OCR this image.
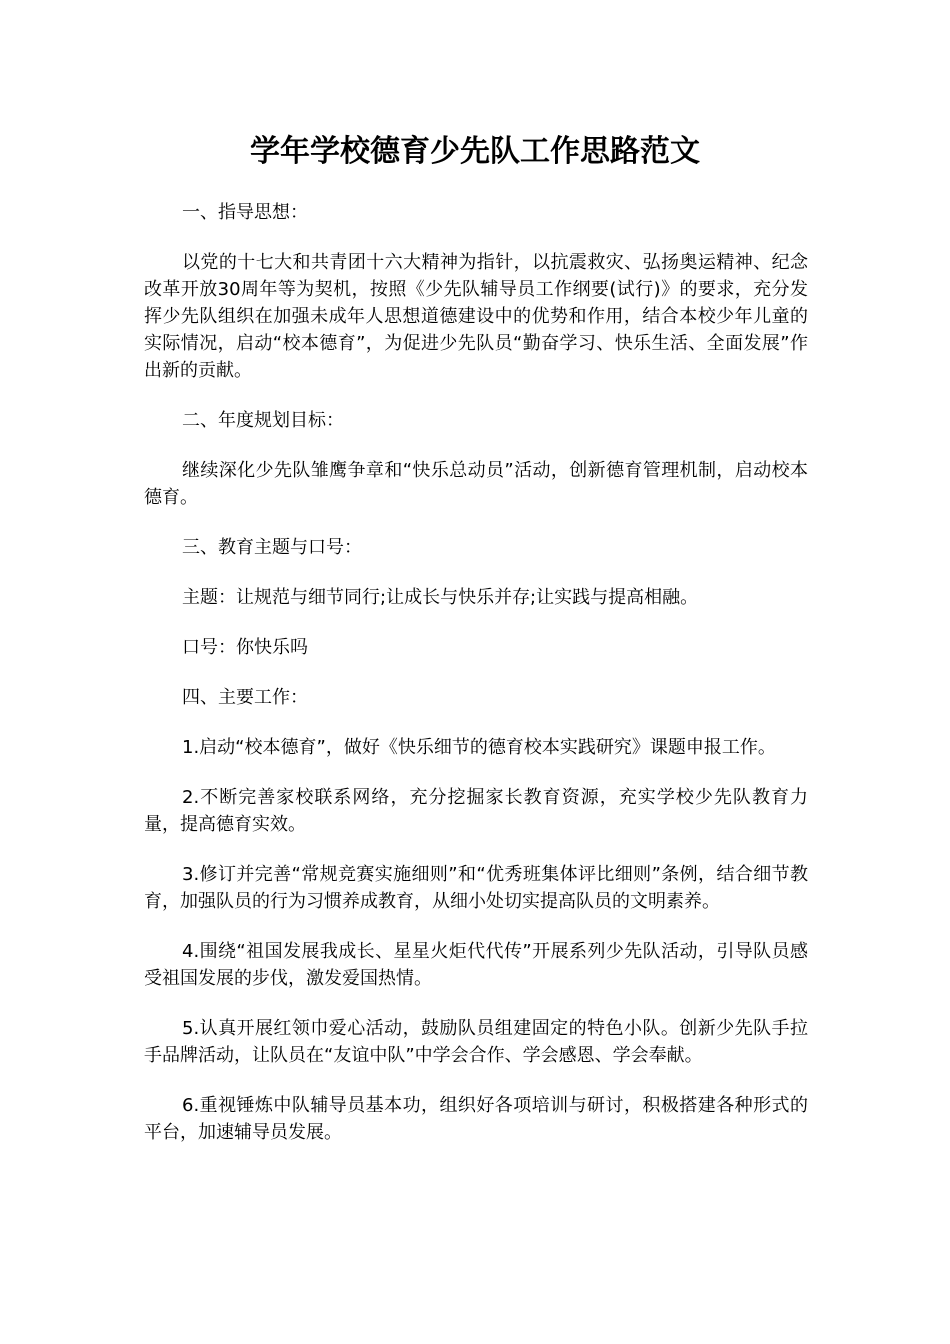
学年学校德育少先队工作思路范文

一、指导思想：

以党的十七大和共青团十六大精神为指针，以抗震救灾、弘扬奥运精神、纪念改革开放30周年等为契机，按照《少先队辅导员工作纲要(试行)》的要求，充分发挥少先队组织在加强未成年人思想道德建设中的优势和作用，结合本校少年儿童的实际情况，启动“校本德育”，为促进少先队员“勤奋学习、快乐生活、全面发展”作出新的贡献。

二、年度规划目标：

继续深化少先队雏鹰争章和“快乐总动员”活动，创新德育管理机制，启动校本德育。

三、教育主题与口号：

主题：让规范与细节同行;让成长与快乐并存;让实践与提高相融。

口号：你快乐吗

四、主要工作：

1.启动“校本德育”，做好《快乐细节的德育校本实践研究》课题申报工作。

2.不断完善家校联系网络，充分挖掘家长教育资源，充实学校少先队教育力量，提高德育实效。

3.修订并完善“常规竞赛实施细则”和“优秀班集体评比细则”条例，结合细节教育，加强队员的行为习惯养成教育，从细小处切实提高队员的文明素养。

4.围绕“祖国发展我成长、星星火炬代代传”开展系列少先队活动，引导队员感受祖国发展的步伐，激发爱国热情。

5.认真开展红领巾爱心活动，鼓励队员组建固定的特色小队。创新少先队手拉手品牌活动，让队员在“友谊中队”中学会合作、学会感恩、学会奉献。

6.重视锤炼中队辅导员基本功，组织好各项培训与研讨，积极搭建各种形式的平台，加速辅导员发展。
